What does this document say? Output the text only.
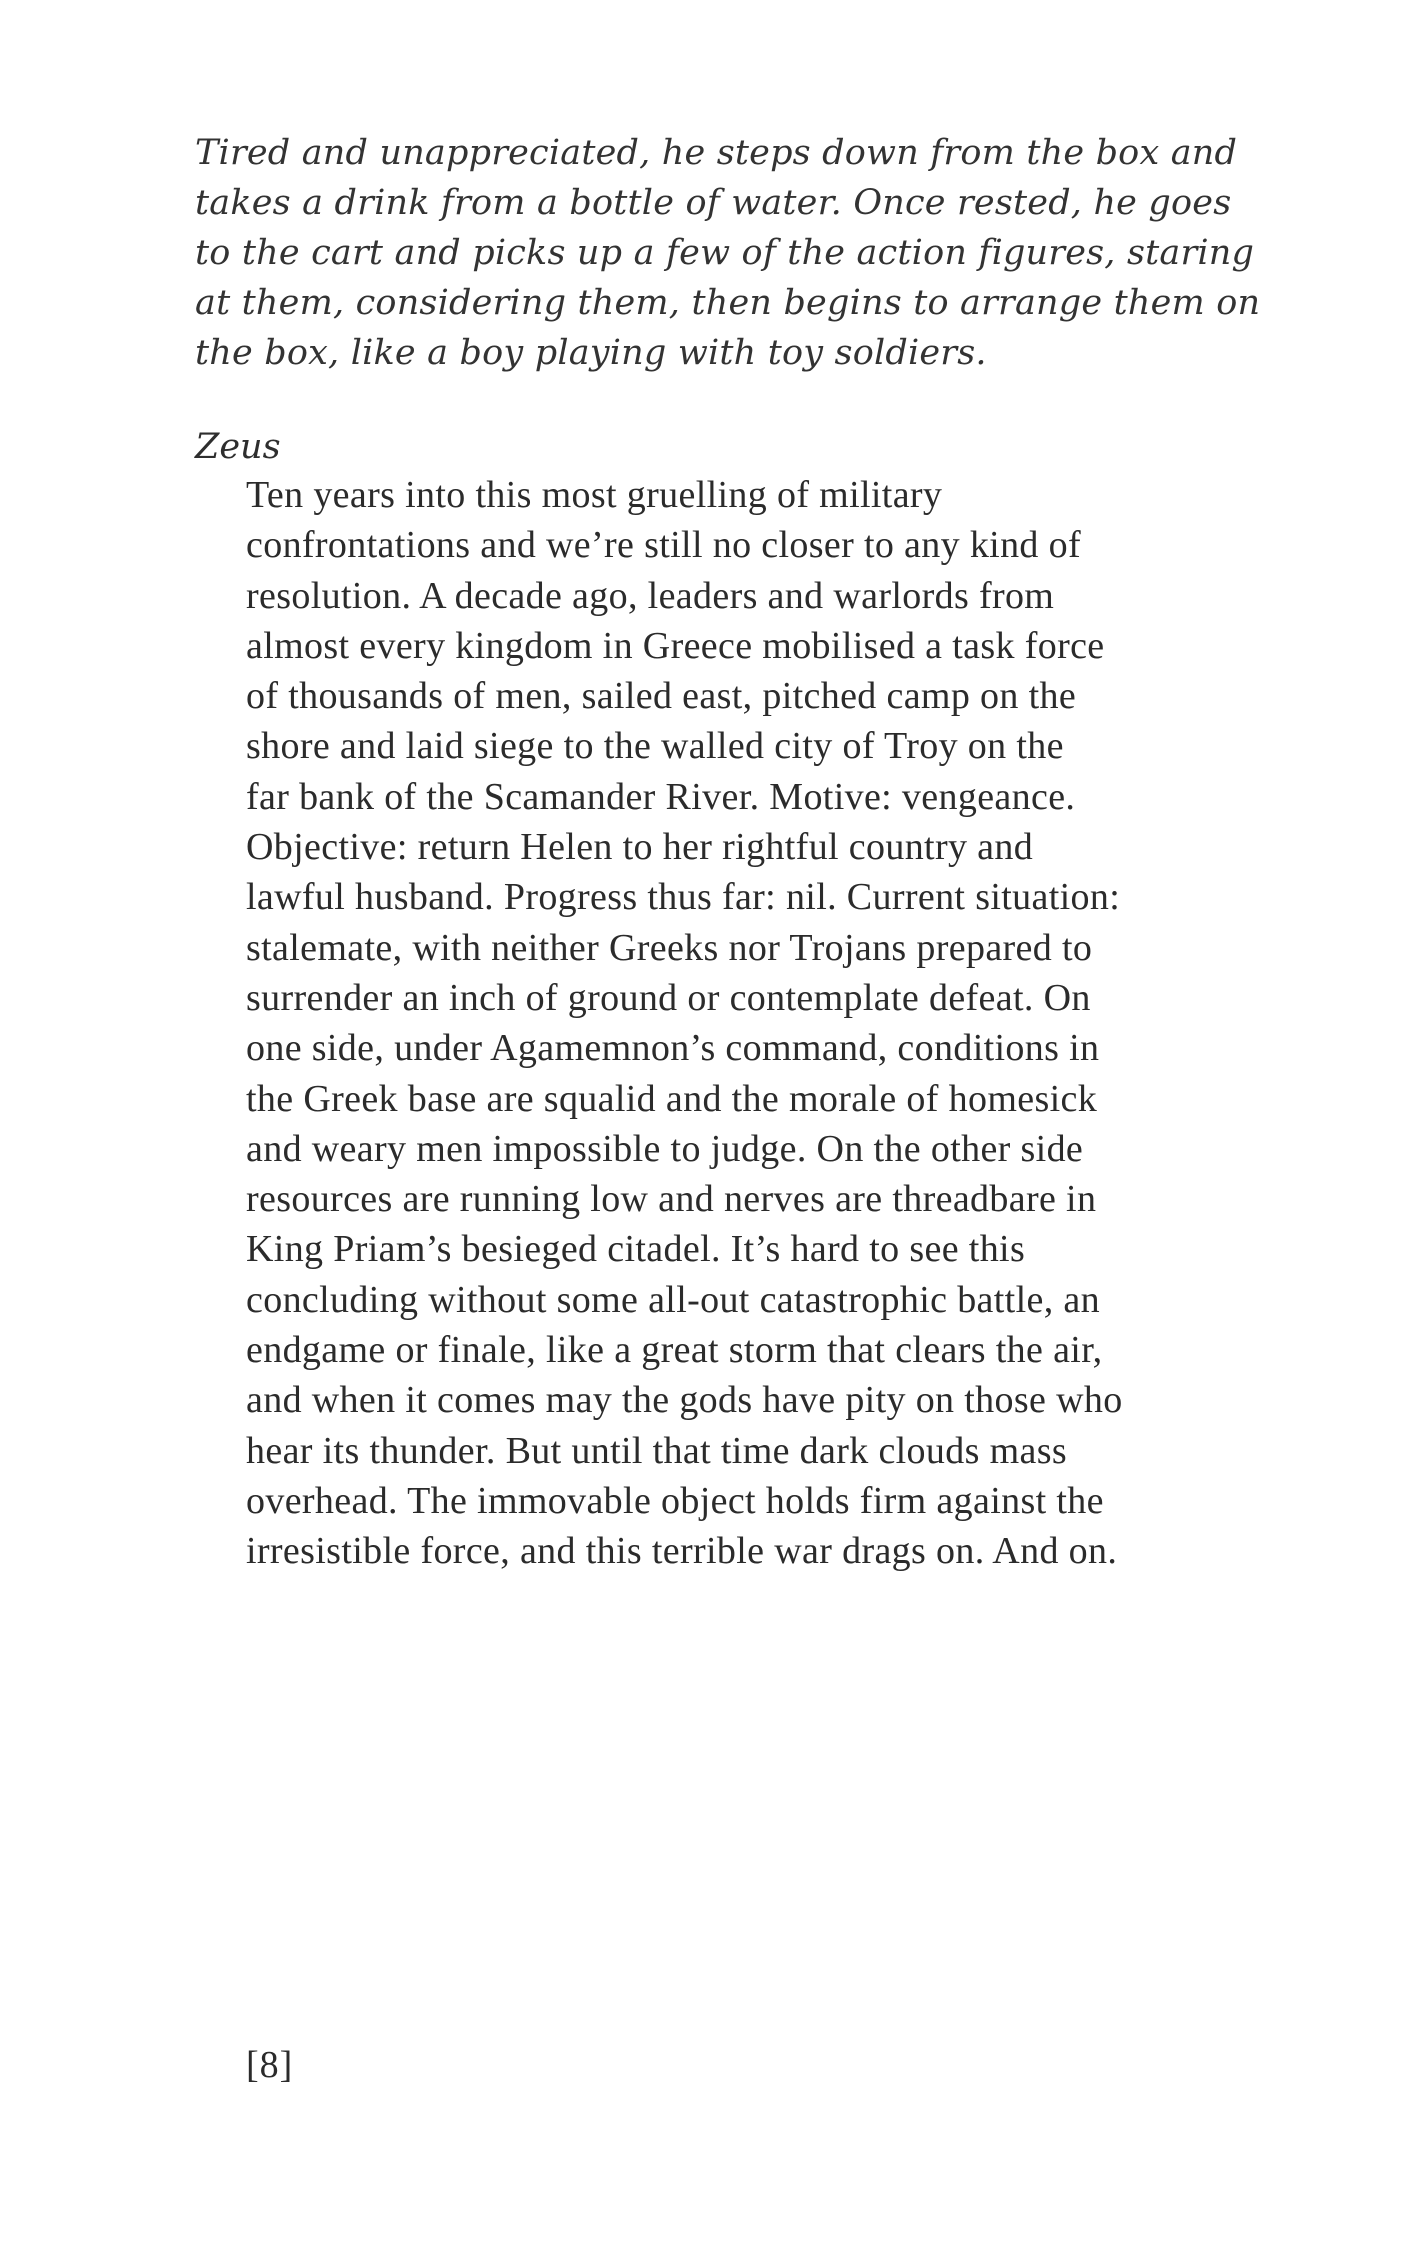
Tired and unappreciated, he steps down from the box and
takes a drink from a bottle of water. Once rested, he goes
to the cart and picks up a few of the action figures, staring
at them, considering them, then begins to arrange them on
the box, like a boy playing with toy soldiers.

Zeus

Ten years into this most gruelling of military
confrontations and we’re still no closer to any kind of
resolution. A decade ago, leaders and warlords from
almost every kingdom in Greece mobilised a task force
of thousands of men, sailed east, pitched camp on the
shore and laid siege to the walled city of Troy on the
far bank of the Scamander River. Motive: vengeance.
Objective: return Helen to her rightful country and
lawful husband. Progress thus far: nil. Current situation:
stalemate, with neither Greeks nor Trojans prepared to
surrender an inch of ground or contemplate defeat. On
one side, under Agamemnon’s command, conditions in
the Greek base are squalid and the morale of homesick
and weary men impossible to judge. On the other side
resources are running low and nerves are threadbare in
King Priam’s besieged citadel. It’s hard to see this
concluding without some all-out catastrophic battle, an
endgame or finale, like a great storm that clears the air,
and when it comes may the gods have pity on those who
hear its thunder. But until that time dark clouds mass
overhead. The immovable object holds firm against the
irresistible force, and this terrible war drags on. And on.

[8]
